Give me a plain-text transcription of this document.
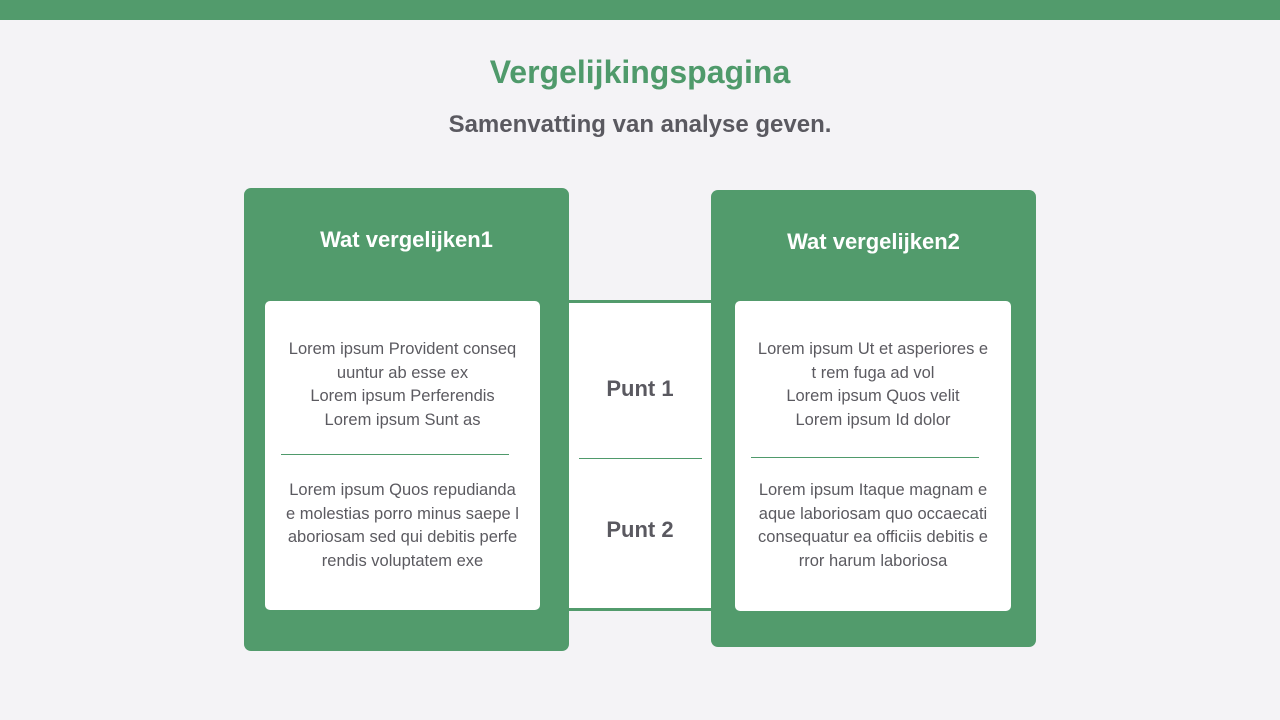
Vergelijkingspagina
Samenvatting van analyse geven.
Wat vergelijken1
Lorem ipsum Provident conseq
uuntur ab esse ex
Lorem ipsum Perferendis
Lorem ipsum Sunt as
Lorem ipsum Quos repudianda
e molestias porro minus saepe l
aboriosam sed qui debitis perfe
rendis voluptatem exe
Punt 1
Punt 2
Wat vergelijken2
Lorem ipsum Ut et asperiores e
t rem fuga ad vol
Lorem ipsum Quos velit
Lorem ipsum Id dolor
Lorem ipsum Itaque magnam e
aque laboriosam quo occaecati
consequatur ea officiis debitis e
rror harum laboriosa
